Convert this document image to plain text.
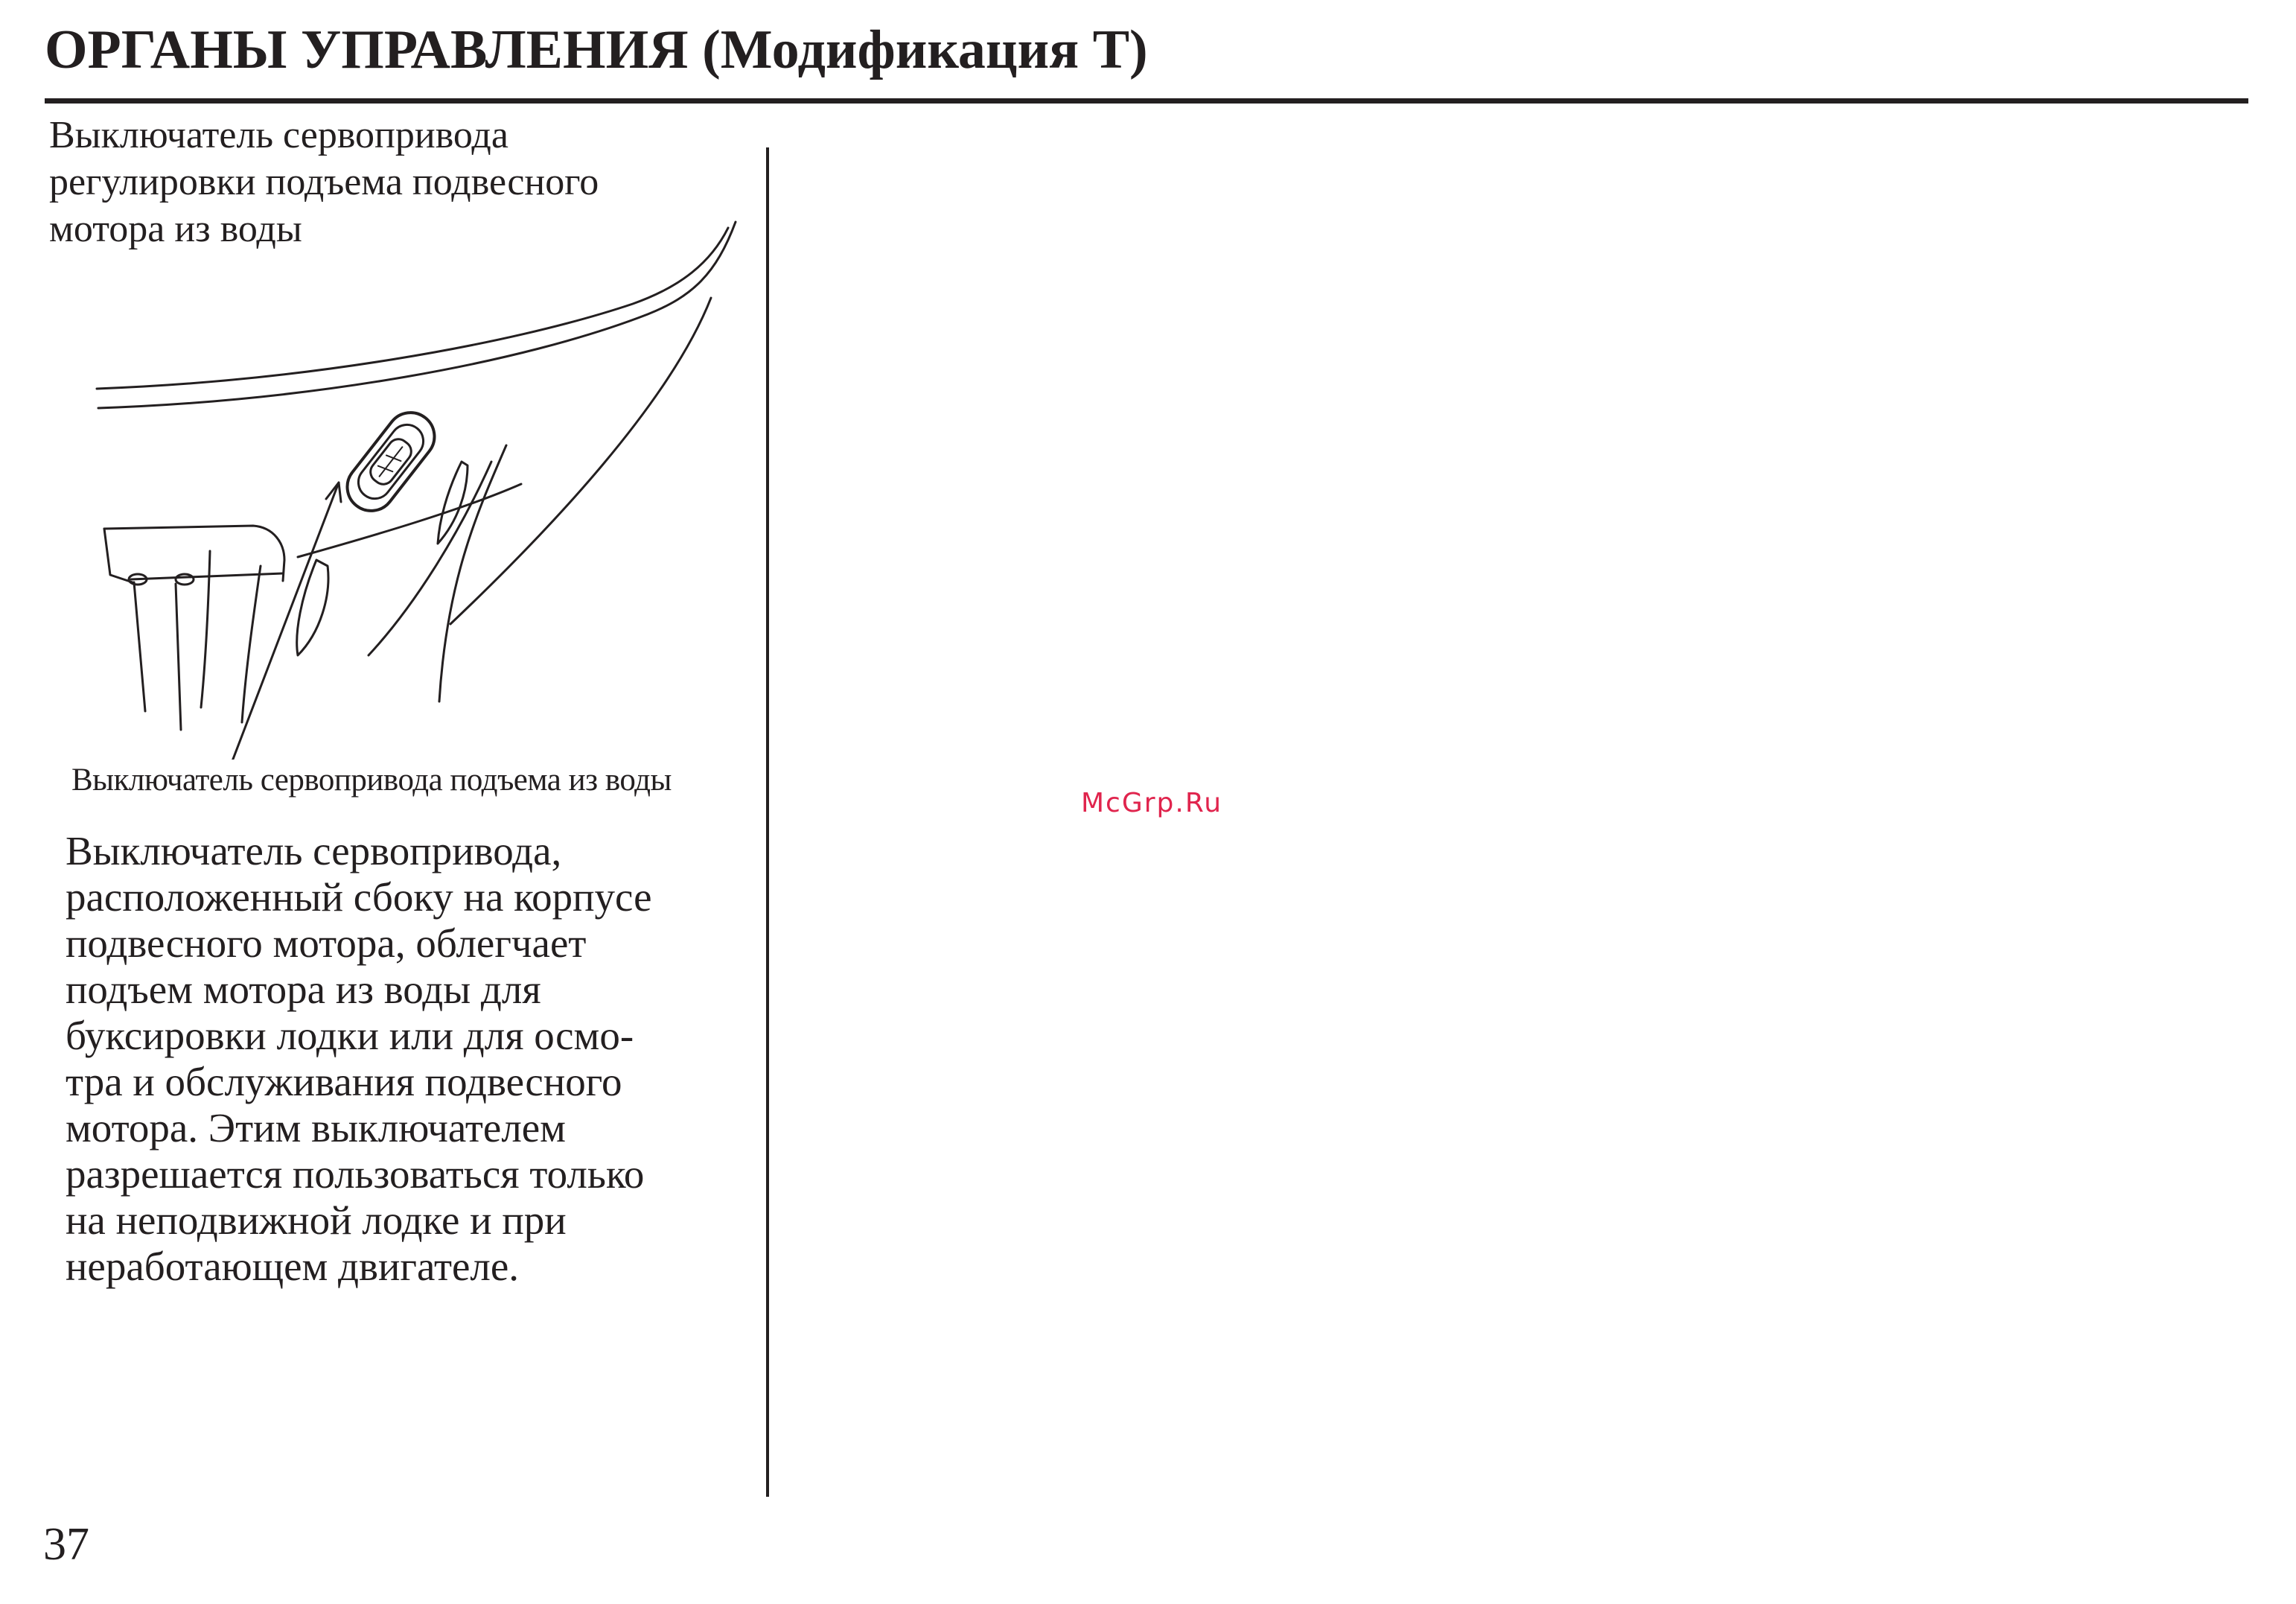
ОРГАНЫ УПРАВЛЕНИЯ (Модификация T)
Выключатель сервопривода
регулировки подъема подвесного
мотора из воды
Выключатель сервопривода подъема из воды
Выключатель сервопривода,
расположенный сбоку на корпусе
подвесного мотора, облегчает
подъем мотора из воды для
буксировки лодки или для осмо-
тра и обслуживания подвесного
мотора. Этим выключателем
разрешается пользоваться только
на неподвижной лодке и при
неработающем двигателе.
McGrp.Ru
37
